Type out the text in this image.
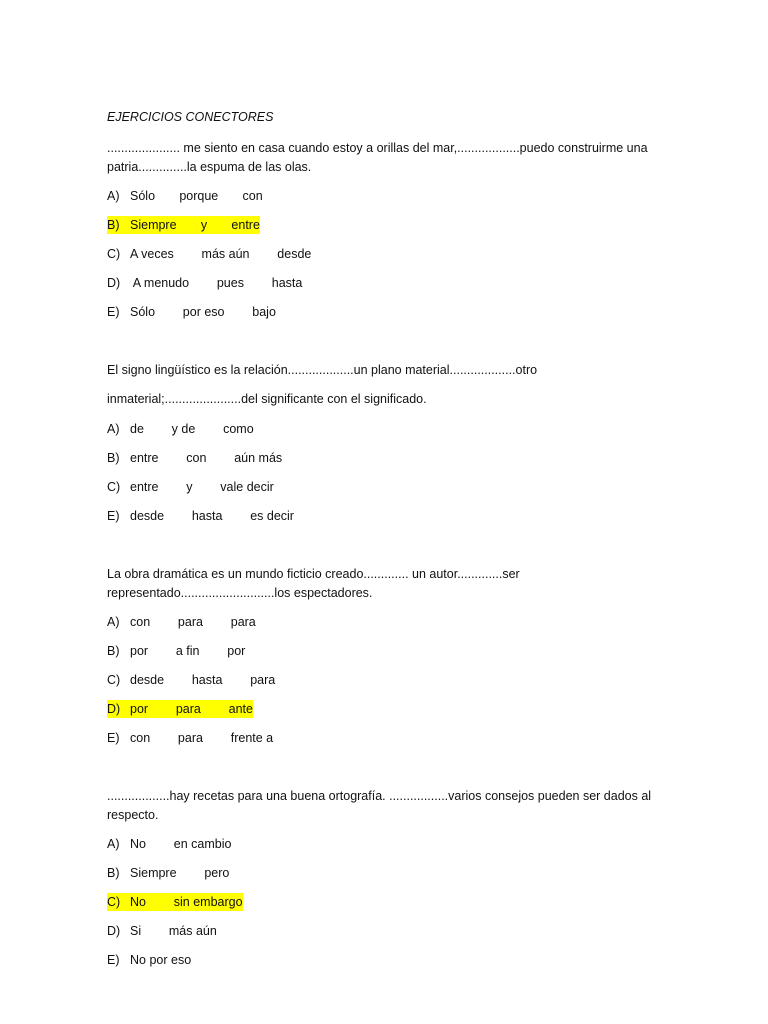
EJERCICIOS CONECTORES
..................... me siento en casa cuando estoy a orillas del mar,..................puedo construirme una patria..............la espuma de las olas.
A) Sólo       porque       con
B) Siempre       y       entre
C) A veces        más aún        desde
D) A menudo        pues        hasta
E) Sólo        por eso        bajo
El signo lingüístico es la relación...................un plano material...................otro
inmaterial;......................del significante con el significado.
A) de        y de        como
B) entre        con        aún más
C) entre        y        vale decir
E) desde        hasta        es decir
La obra dramática es un mundo ficticio creado............. un autor.............ser representado...........................los espectadores.
A) con        para        para
B) por        a fin        por
C) desde        hasta        para
D) por        para        ante
E) con        para        frente a
..................hay recetas para una buena ortografía. .................varios consejos pueden ser dados al respecto.
A) No        en cambio
B) Siempre        pero
C) No        sin embargo
D) Si        más aún
E) No por eso
